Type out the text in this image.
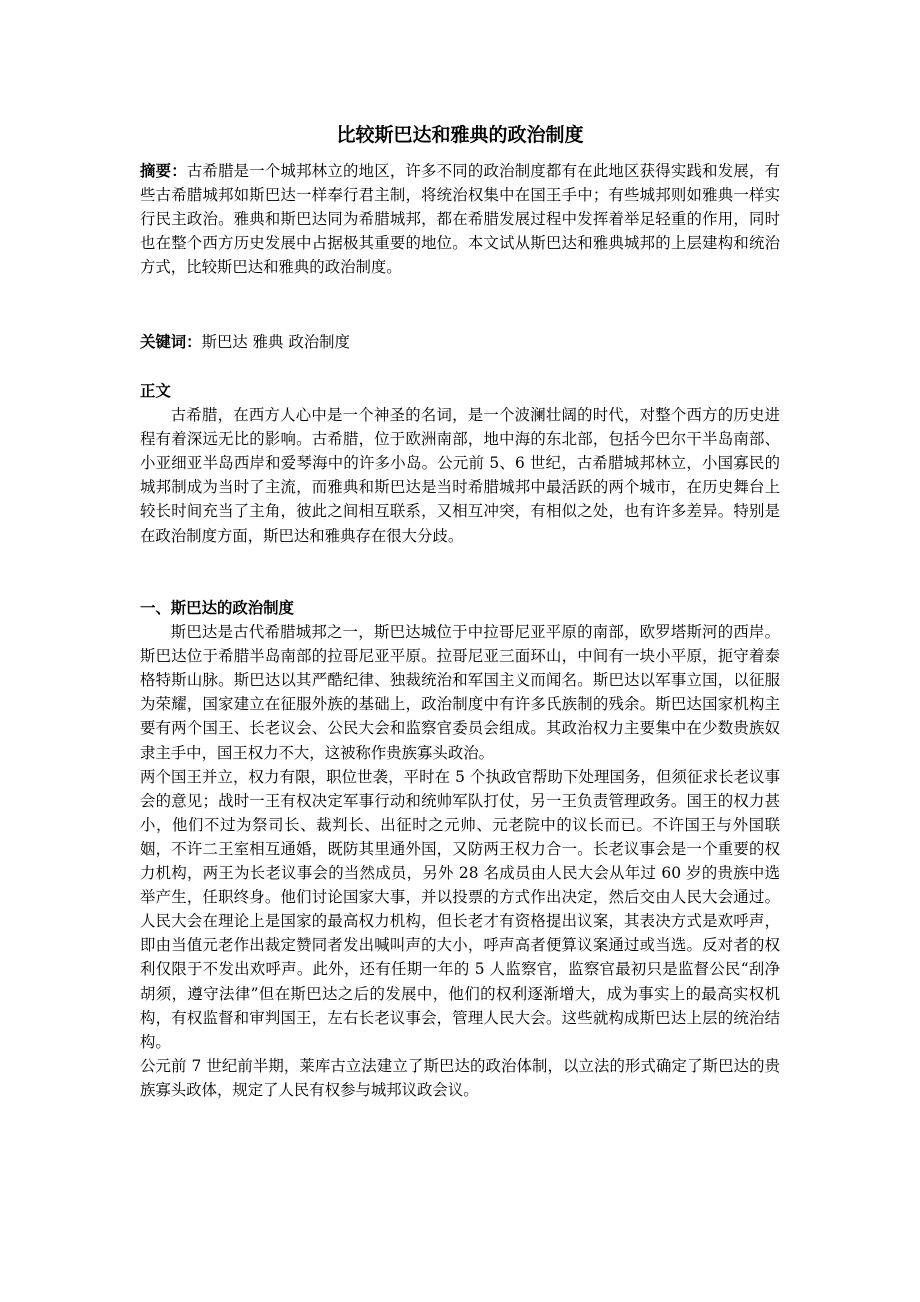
比较斯巴达和雅典的政治制度
摘要：古希腊是一个城邦林立的地区，许多不同的政治制度都有在此地区获得实践和发展，有些古希腊城邦如斯巴达一样奉行君主制，将统治权集中在国王手中；有些城邦则如雅典一样实行民主政治。雅典和斯巴达同为希腊城邦，都在希腊发展过程中发挥着举足轻重的作用，同时也在整个西方历史发展中占据极其重要的地位。本文试从斯巴达和雅典城邦的上层建构和统治方式，比较斯巴达和雅典的政治制度。
关键词：斯巴达 雅典 政治制度

正文

古希腊，在西方人心中是一个神圣的名词，是一个波澜壮阔的时代，对整个西方的历史进程有着深远无比的影响。古希腊，位于欧洲南部，地中海的东北部，包括今巴尔干半岛南部、小亚细亚半岛西岸和爱琴海中的许多小岛。公元前 5、6 世纪，古希腊城邦林立，小国寡民的城邦制成为当时了主流，而雅典和斯巴达是当时希腊城邦中最活跃的两个城市，在历史舞台上较长时间充当了主角，彼此之间相互联系，又相互冲突，有相似之处，也有许多差异。特别是在政治制度方面，斯巴达和雅典存在很大分歧。

一、斯巴达的政治制度

斯巴达是古代希腊城邦之一，斯巴达城位于中拉哥尼亚平原的南部，欧罗塔斯河的西岸。斯巴达位于希腊半岛南部的拉哥尼亚平原。拉哥尼亚三面环山，中间有一块小平原，扼守着泰格特斯山脉。斯巴达以其严酷纪律、独裁统治和军国主义而闻名。斯巴达以军事立国，以征服为荣耀，国家建立在征服外族的基础上，政治制度中有许多氏族制的残余。斯巴达国家机构主要有两个国王、长老议会、公民大会和监察官委员会组成。其政治权力主要集中在少数贵族奴隶主手中，国王权力不大，这被称作贵族寡头政治。

两个国王并立，权力有限，职位世袭，平时在 5 个执政官帮助下处理国务，但须征求长老议事会的意见；战时一王有权决定军事行动和统帅军队打仗，另一王负责管理政务。国王的权力甚小，他们不过为祭司长、裁判长、出征时之元帅、元老院中的议长而已。不许国王与外国联姻，不许二王室相互通婚，既防其里通外国，又防两王权力合一。长老议事会是一个重要的权力机构，两王为长老议事会的当然成员，另外 28 名成员由人民大会从年过 60 岁的贵族中选举产生，任职终身。他们讨论国家大事，并以投票的方式作出决定，然后交由人民大会通过。人民大会在理论上是国家的最高权力机构，但长老才有资格提出议案，其表决方式是欢呼声，即由当值元老作出裁定赞同者发出喊叫声的大小，呼声高者便算议案通过或当选。反对者的权利仅限于不发出欢呼声。此外，还有任期一年的 5 人监察官，监察官最初只是监督公民“刮净胡须，遵守法律”但在斯巴达之后的发展中，他们的权利逐渐增大，成为事实上的最高实权机构，有权监督和审判国王，左右长老议事会，管理人民大会。这些就构成斯巴达上层的统治结构。

公元前 7 世纪前半期，莱库古立法建立了斯巴达的政治体制，以立法的形式确定了斯巴达的贵族寡头政体，规定了人民有权参与城邦议政会议。
